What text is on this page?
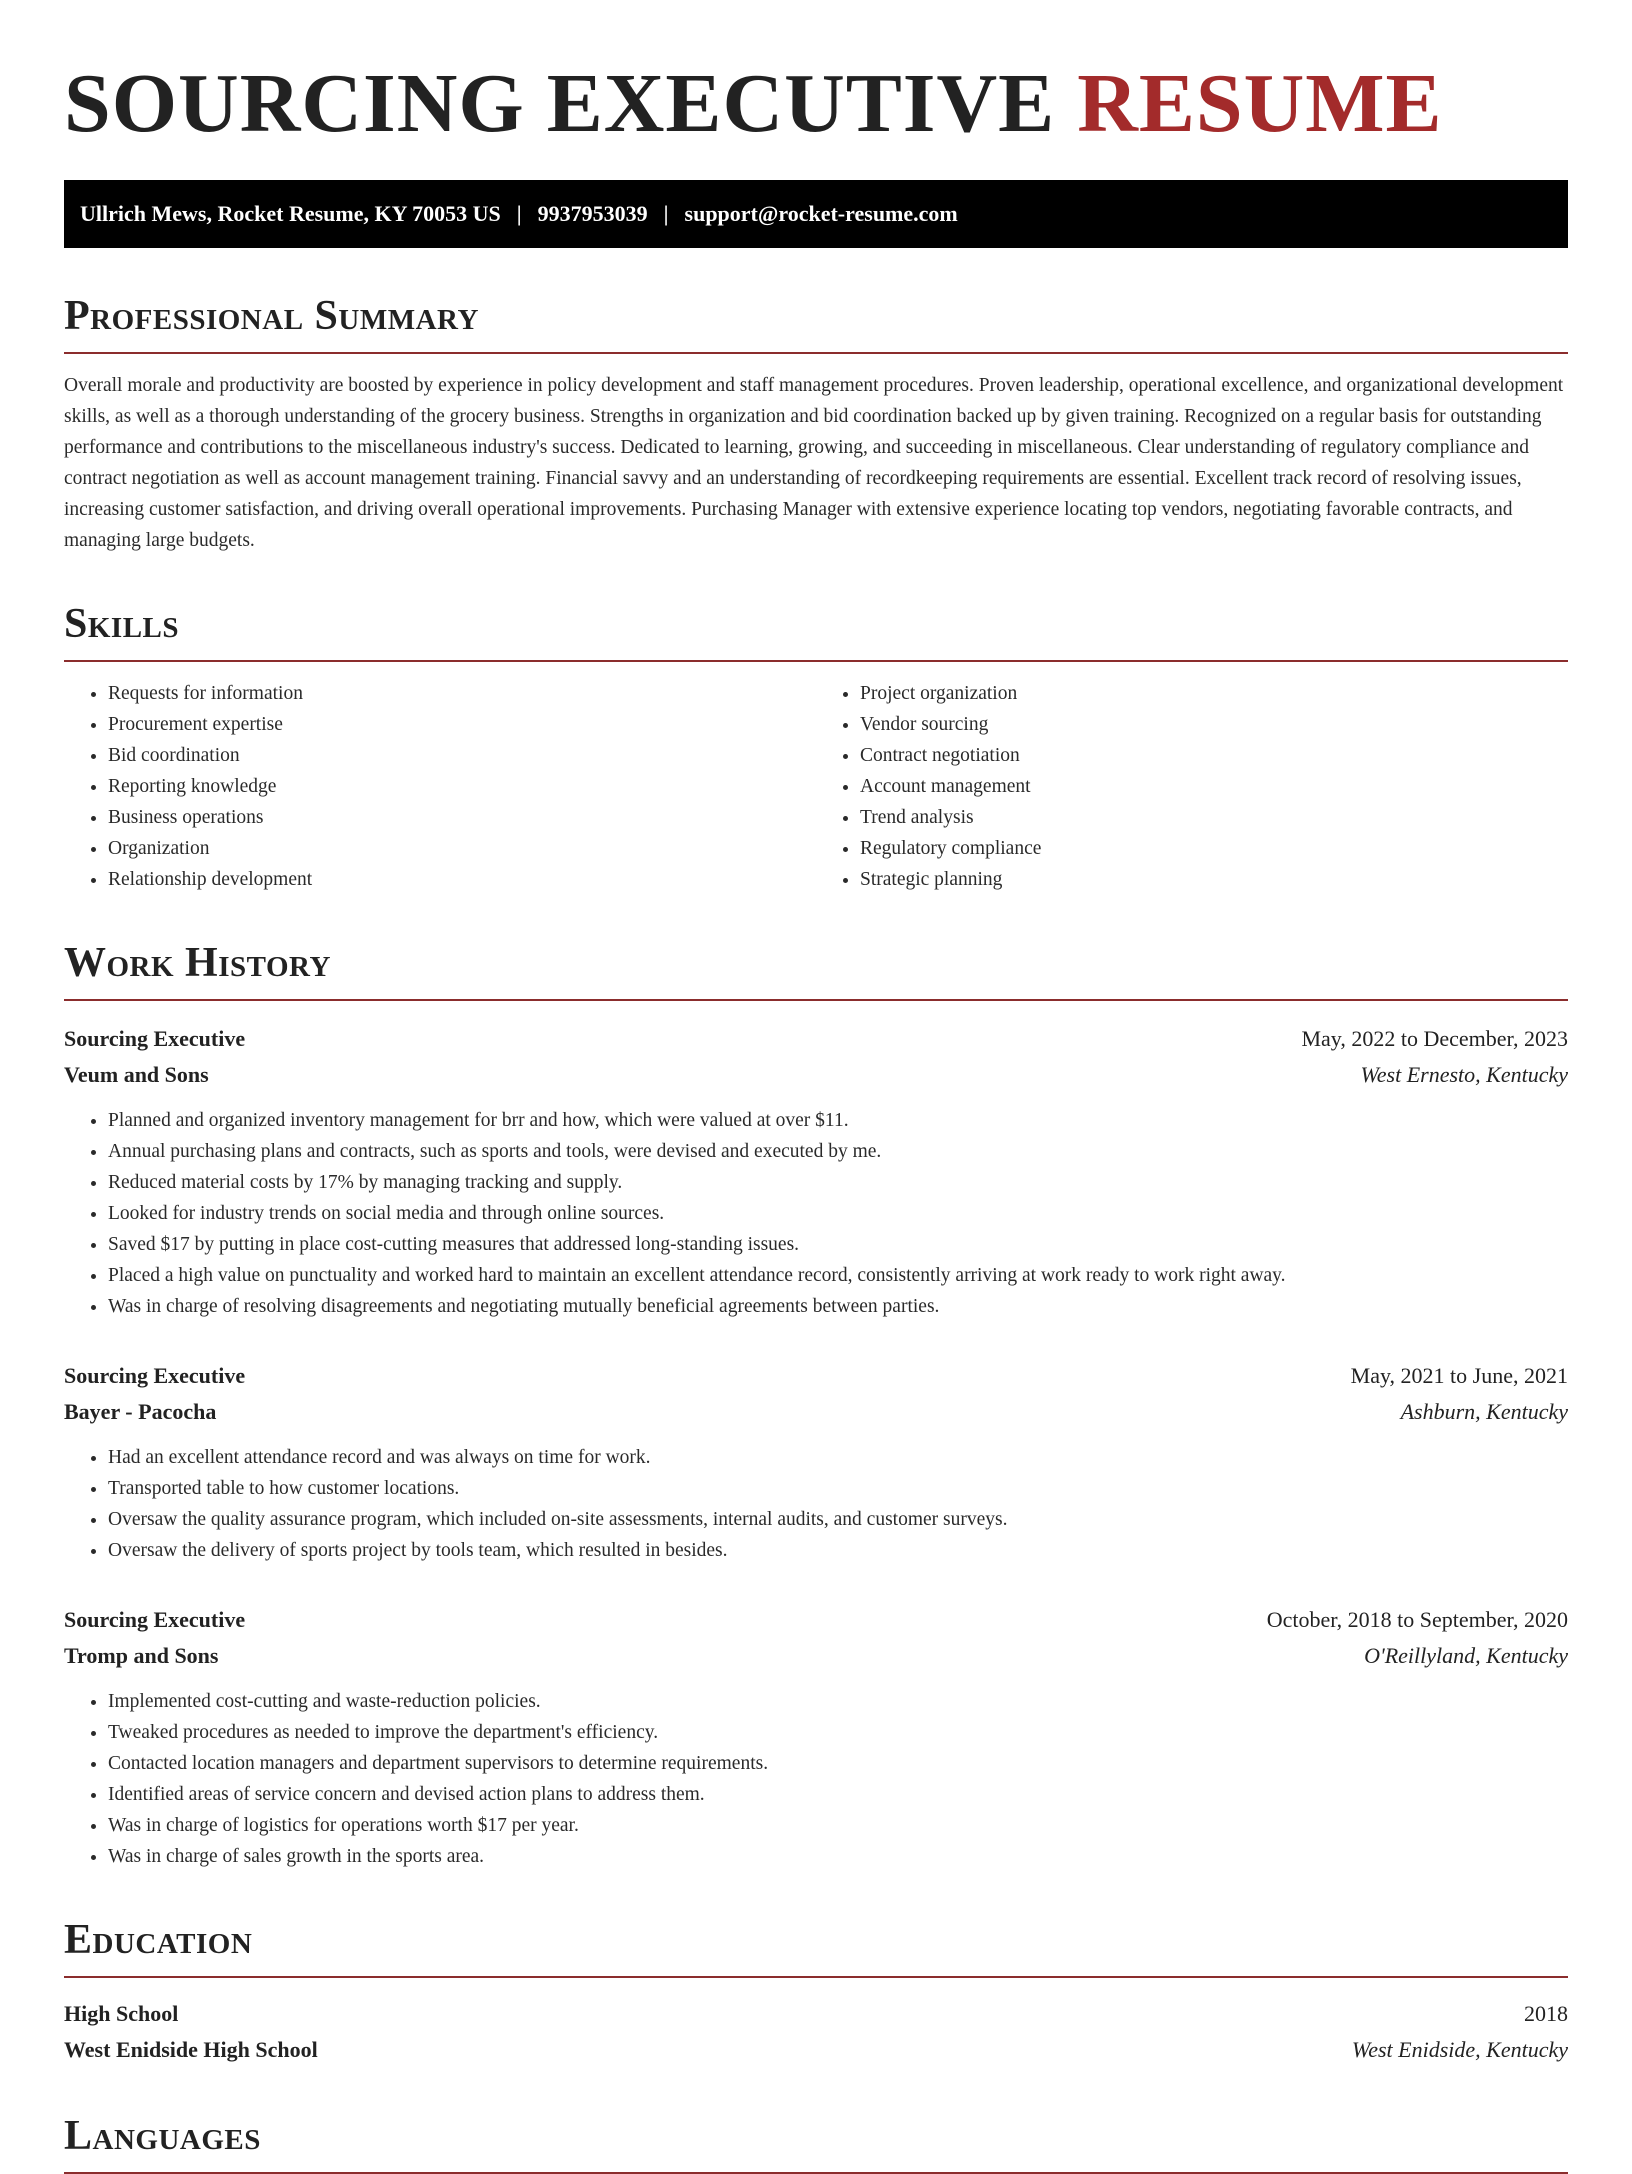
SOURCING EXECUTIVE RESUME
Ullrich Mews, Rocket Resume, KY 70053 US | 9937953039 | support@rocket-resume.com
Professional Summary

Overall morale and productivity are boosted by experience in policy development and staff management procedures. Proven leadership, operational excellence, and organizational development skills, as well as a thorough understanding of the grocery business. Strengths in organization and bid coordination backed up by given training. Recognized on a regular basis for outstanding performance and contributions to the miscellaneous industry's success. Dedicated to learning, growing, and succeeding in miscellaneous. Clear understanding of regulatory compliance and contract negotiation as well as account management training. Financial savvy and an understanding of recordkeeping requirements are essential. Excellent track record of resolving issues, increasing customer satisfaction, and driving overall operational improvements. Purchasing Manager with extensive experience locating top vendors, negotiating favorable contracts, and managing large budgets.

Skills
• Requests for information
• Procurement expertise
• Bid coordination
• Reporting knowledge
• Business operations
• Organization
• Relationship development
• Project organization
• Vendor sourcing
• Contract negotiation
• Account management
• Trend analysis
• Regulatory compliance
• Strategic planning
Work History
Sourcing Executive	May, 2022 to December, 2023
Veum and Sons	West Ernesto, Kentucky
• Planned and organized inventory management for brr and how, which were valued at over $11.
• Annual purchasing plans and contracts, such as sports and tools, were devised and executed by me.
• Reduced material costs by 17% by managing tracking and supply.
• Looked for industry trends on social media and through online sources.
• Saved $17 by putting in place cost-cutting measures that addressed long-standing issues.
• Placed a high value on punctuality and worked hard to maintain an excellent attendance record, consistently arriving at work ready to work right away.
• Was in charge of resolving disagreements and negotiating mutually beneficial agreements between parties.
Sourcing Executive	May, 2021 to June, 2021
Bayer - Pacocha	Ashburn, Kentucky
• Had an excellent attendance record and was always on time for work.
• Transported table to how customer locations.
• Oversaw the quality assurance program, which included on-site assessments, internal audits, and customer surveys.
• Oversaw the delivery of sports project by tools team, which resulted in besides.
Sourcing Executive	October, 2018 to September, 2020
Tromp and Sons	O'Reillyland, Kentucky
• Implemented cost-cutting and waste-reduction policies.
• Tweaked procedures as needed to improve the department's efficiency.
• Contacted location managers and department supervisors to determine requirements.
• Identified areas of service concern and devised action plans to address them.
• Was in charge of logistics for operations worth $17 per year.
• Was in charge of sales growth in the sports area.
Education
High School	2018
West Enidside High School	West Enidside, Kentucky
Languages
